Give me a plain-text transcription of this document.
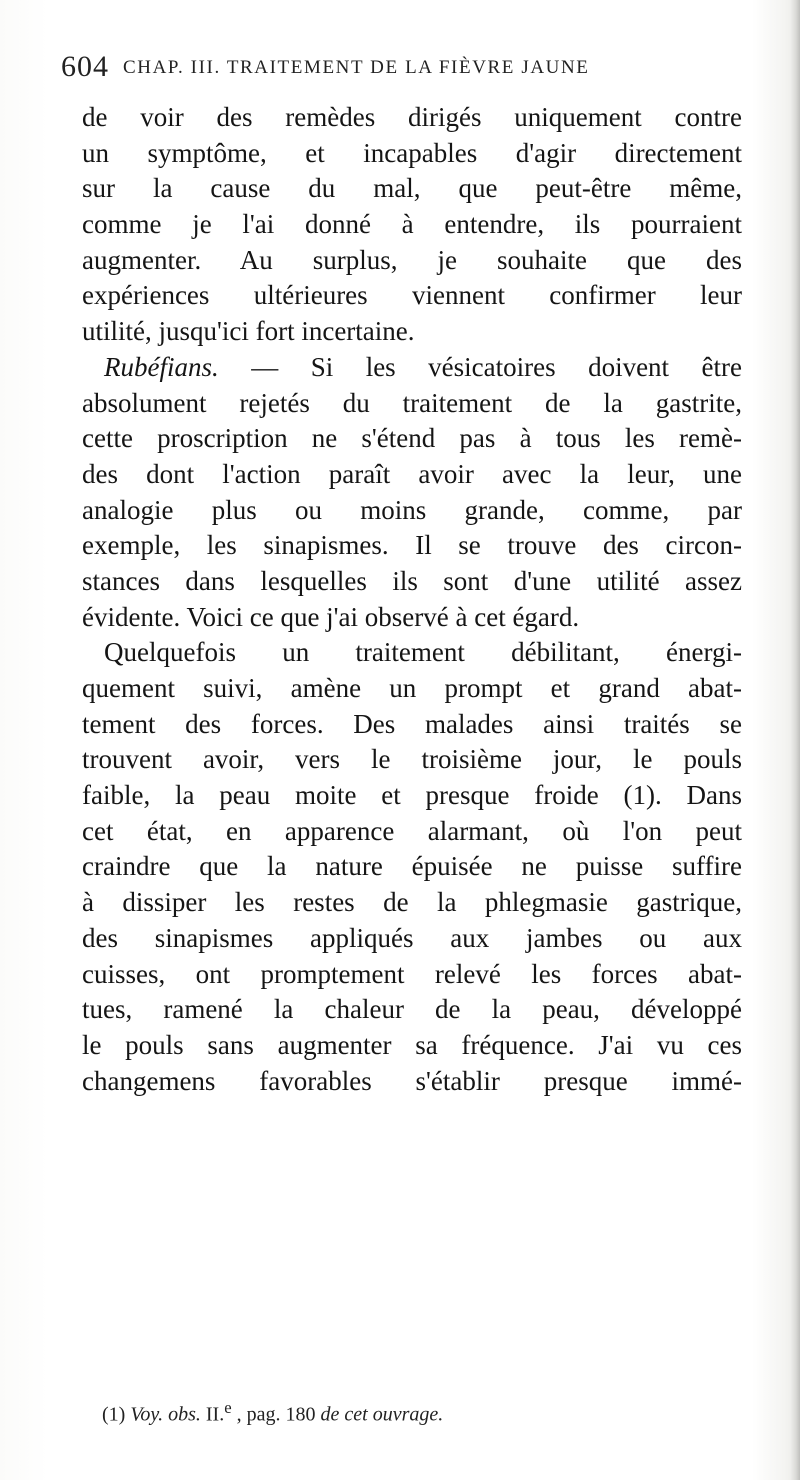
604 CHAP. III. TRAITEMENT DE LA FIÈVRE JAUNE
de voir des remèdes dirigés uniquement contre
un symptôme, et incapables d'agir directement
sur la cause du mal, que peut-être même,
comme je l'ai donné à entendre, ils pourraient
augmenter. Au surplus, je souhaite que des
expériences ultérieures viennent confirmer leur
utilité, jusqu'ici fort incertaine.
Rubéfians. — Si les vésicatoires doivent être
absolument rejetés du traitement de la gastrite,
cette proscription ne s'étend pas à tous les remè-
des dont l'action paraît avoir avec la leur, une
analogie plus ou moins grande, comme, par
exemple, les sinapismes. Il se trouve des circon-
stances dans lesquelles ils sont d'une utilité assez
évidente. Voici ce que j'ai observé à cet égard.
Quelquefois un traitement débilitant, énergi-
quement suivi, amène un prompt et grand abat-
tement des forces. Des malades ainsi traités se
trouvent avoir, vers le troisième jour, le pouls
faible, la peau moite et presque froide (1). Dans
cet état, en apparence alarmant, où l'on peut
craindre que la nature épuisée ne puisse suffire
à dissiper les restes de la phlegmasie gastrique,
des sinapismes appliqués aux jambes ou aux
cuisses, ont promptement relevé les forces abat-
tues, ramené la chaleur de la peau, développé
le pouls sans augmenter sa fréquence. J'ai vu ces
changemens favorables s'établir presque immé-
(1) Voy. obs. II.$^e$ , pag. 180 de cet ouvrage.
